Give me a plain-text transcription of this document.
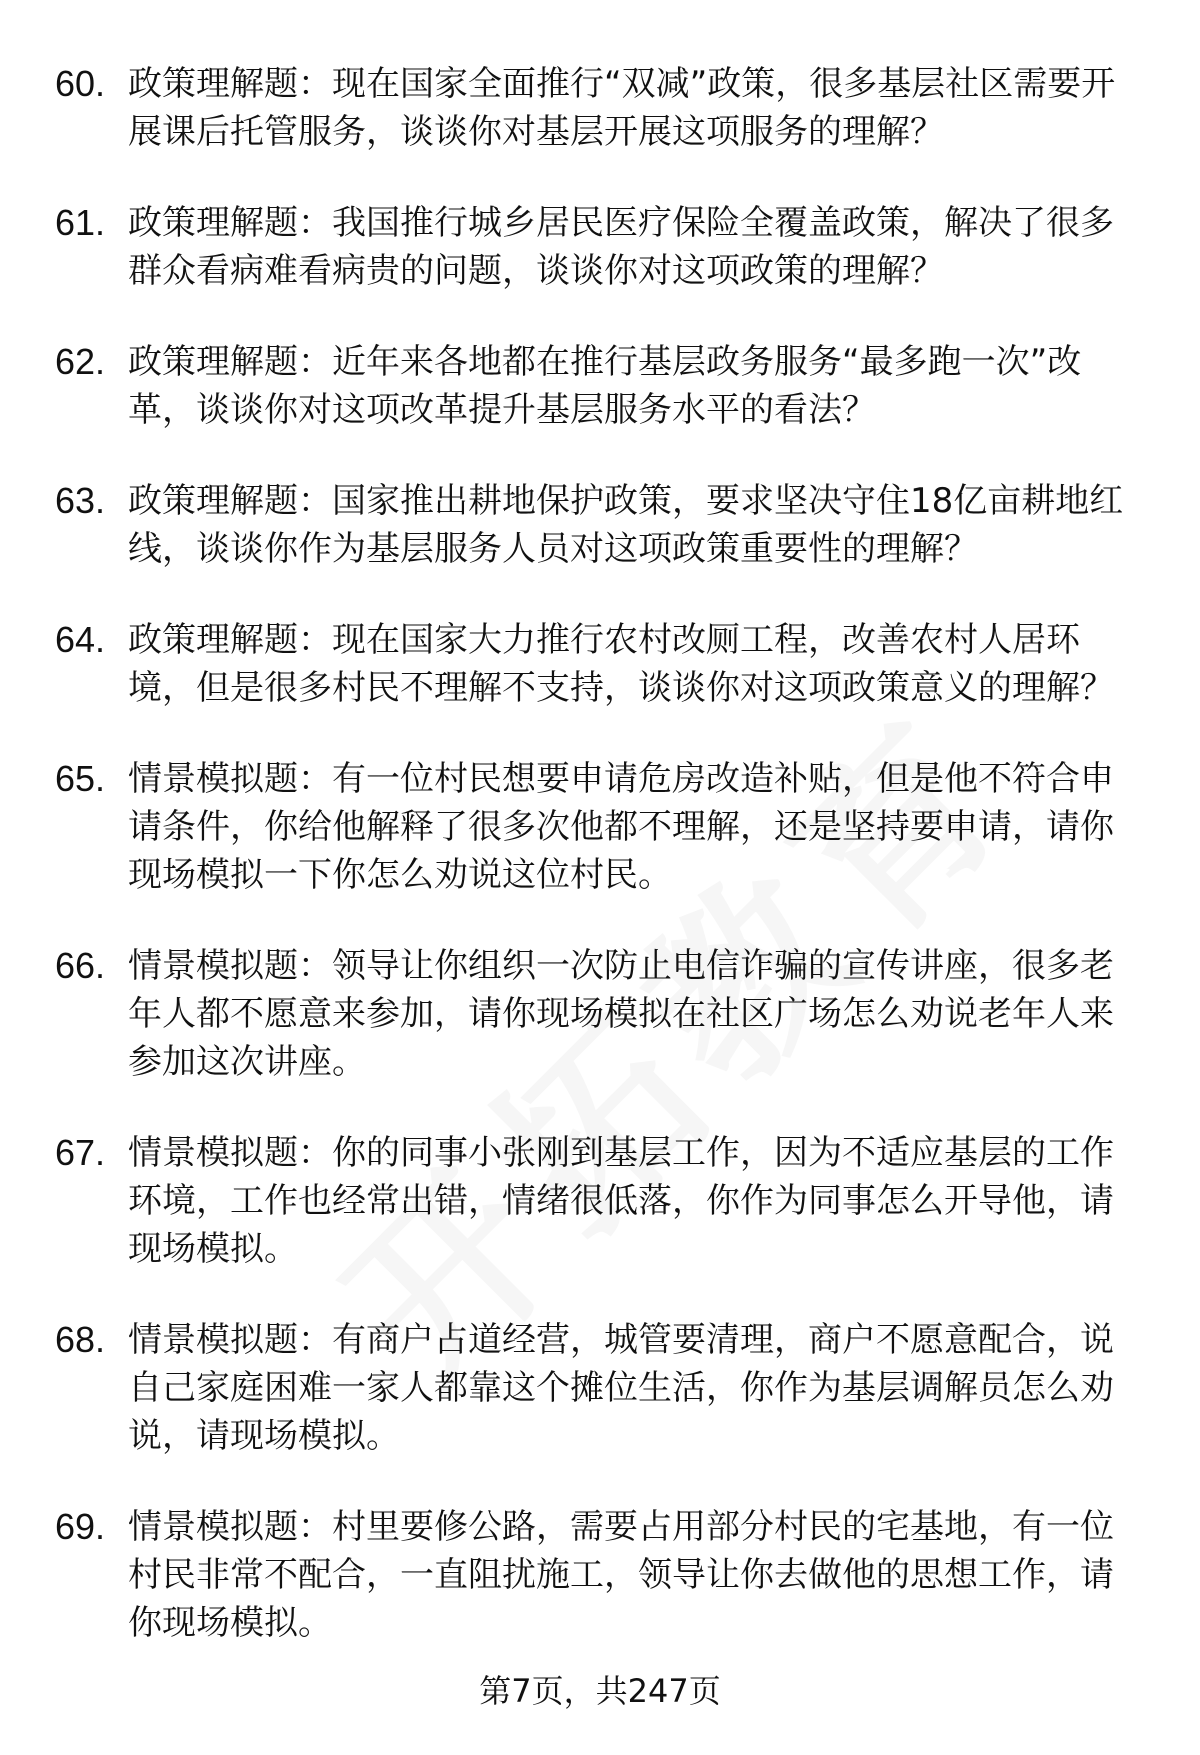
60. 政策理解题：现在国家全面推行“双减”政策，很多基层社区需要开展课后托管服务，谈谈你对基层开展这项服务的理解？
61. 政策理解题：我国推行城乡居民医疗保险全覆盖政策，解决了很多群众看病难看病贵的问题，谈谈你对这项政策的理解？
62. 政策理解题：近年来各地都在推行基层政务服务“最多跑一次”改革，谈谈你对这项改革提升基层服务水平的看法？
63. 政策理解题：国家推出耕地保护政策，要求坚决守住18亿亩耕地红线，谈谈你作为基层服务人员对这项政策重要性的理解？
64. 政策理解题：现在国家大力推行农村改厕工程，改善农村人居环境，但是很多村民不理解不支持，谈谈你对这项政策意义的理解？
65. 情景模拟题：有一位村民想要申请危房改造补贴，但是他不符合申请条件，你给他解释了很多次他都不理解，还是坚持要申请，请你现场模拟一下你怎么劝说这位村民。
66. 情景模拟题：领导让你组织一次防止电信诈骗的宣传讲座，很多老年人都不愿意来参加，请你现场模拟在社区广场怎么劝说老年人来参加这次讲座。
67. 情景模拟题：你的同事小张刚到基层工作，因为不适应基层的工作环境，工作也经常出错，情绪很低落，你作为同事怎么开导他，请现场模拟。
68. 情景模拟题：有商户占道经营，城管要清理，商户不愿意配合，说自己家庭困难一家人都靠这个摊位生活，你作为基层调解员怎么劝说，请现场模拟。
69. 情景模拟题：村里要修公路，需要占用部分村民的宅基地，有一位村民非常不配合，一直阻扰施工，领导让你去做他的思想工作，请你现场模拟。
第7页，共247页
